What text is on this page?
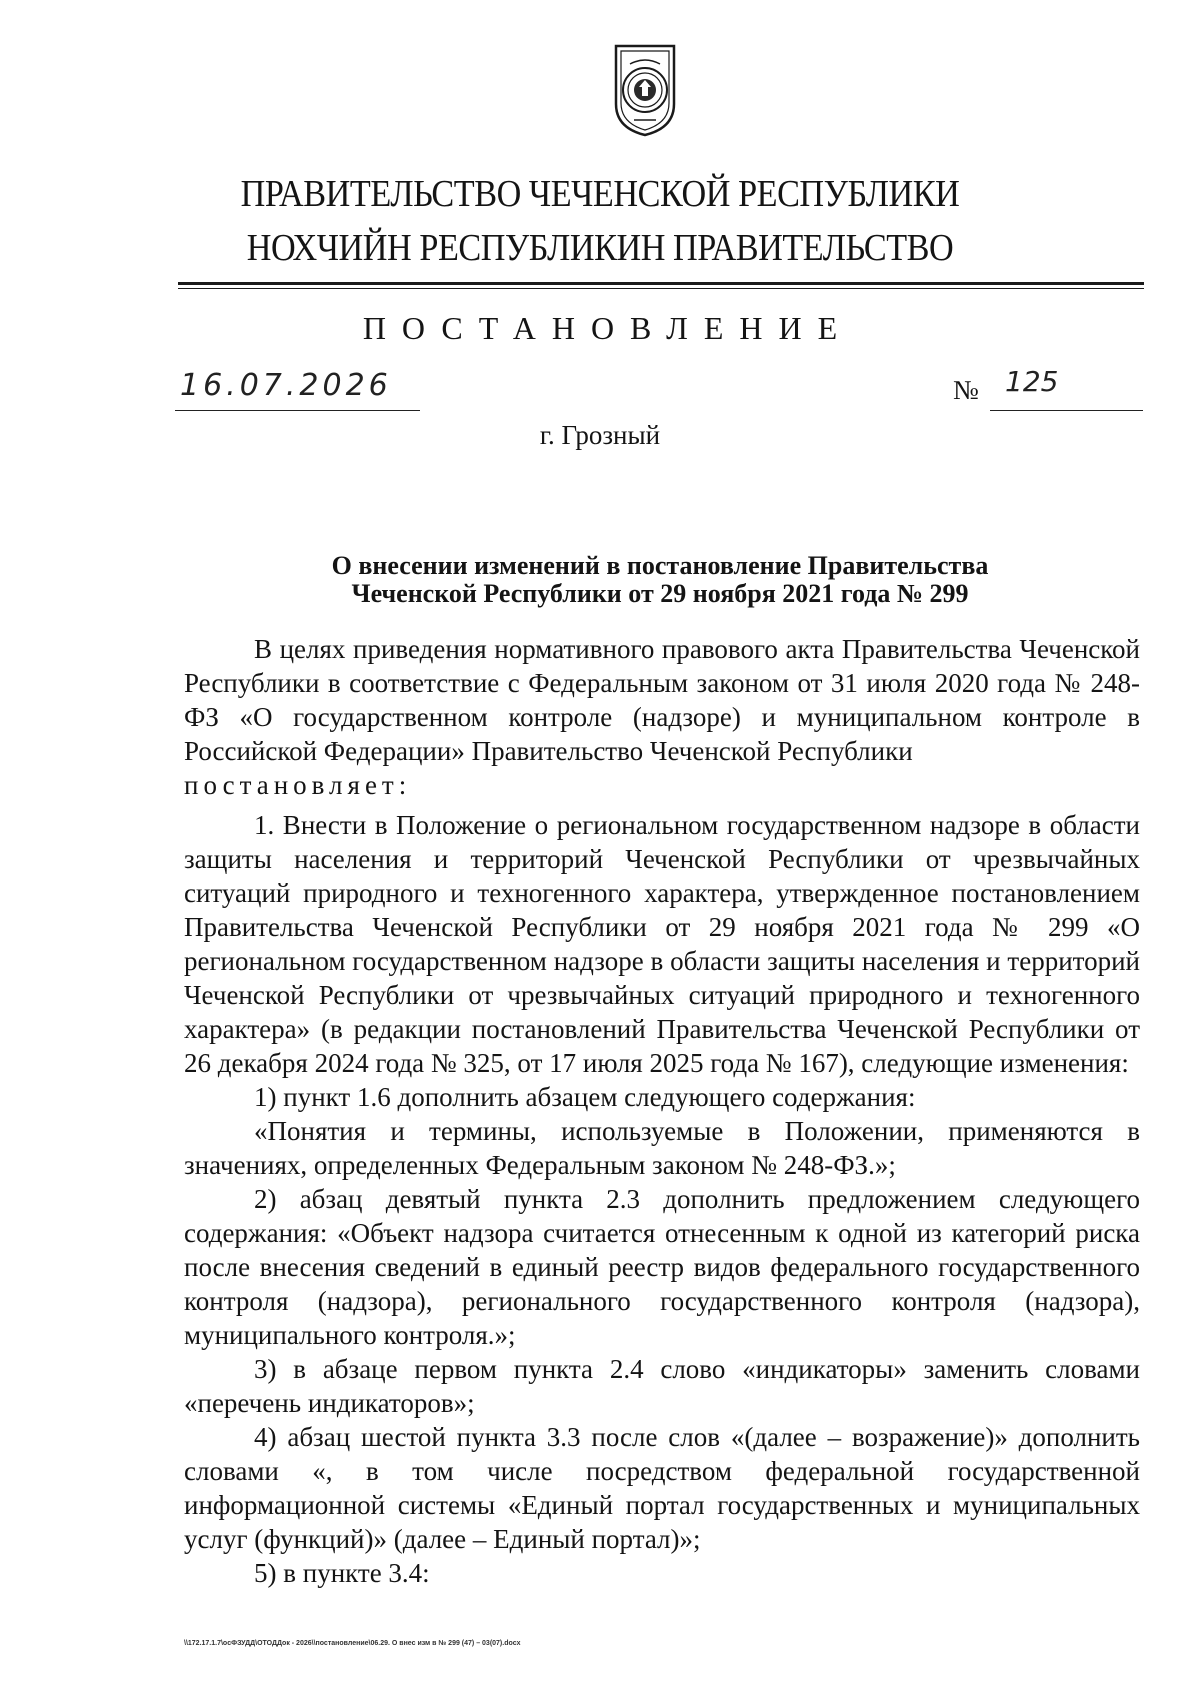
ПРАВИТЕЛЬСТВО ЧЕЧЕНСКОЙ РЕСПУБЛИКИ
НОХЧИЙН РЕСПУБЛИКИН ПРАВИТЕЛЬСТВО
ПОСТАНОВЛЕНИЕ
16.07.2026	№ 125
г. Грозный
О внесении изменений в постановление Правительства
Чеченской Республики от 29 ноября 2021 года № 299

В целях приведения нормативного правового акта Правительства Чеченской Республики в соответствие с Федеральным законом от 31 июля 2020 года № 248-ФЗ «О государственном контроле (надзоре) и муниципальном контроле в Российской Федерации» Правительство Чеченской Республики

постановляет:

1. Внести в Положение о региональном государственном надзоре в области защиты населения и территорий Чеченской Республики от чрезвычайных ситуаций природного и техногенного характера, утвержденное постановлением Правительства Чеченской Республики от 29 ноября 2021 года № 299 «О региональном государственном надзоре в области защиты населения и территорий Чеченской Республики от чрезвычайных ситуаций природного и техногенного характера» (в редакции постановлений Правительства Чеченской Республики от 26 декабря 2024 года № 325, от 17 июля 2025 года № 167), следующие изменения:

1) пункт 1.6 дополнить абзацем следующего содержания:

«Понятия и термины, используемые в Положении, применяются в значениях, определенных Федеральным законом № 248-ФЗ.»;

2) абзац девятый пункта 2.3 дополнить предложением следующего содержания: «Объект надзора считается отнесенным к одной из категорий риска после внесения сведений в единый реестр видов федерального государственного контроля (надзора), регионального государственного контроля (надзора), муниципального контроля.»;

3) в абзаце первом пункта 2.4 слово «индикаторы» заменить словами «перечень индикаторов»;

4) абзац шестой пункта 3.3 после слов «(далее – возражение)» дополнить словами «, в том числе посредством федеральной государственной информационной системы «Единый портал государственных и муниципальных услуг (функций)» (далее – Единый портал)»;

5) в пункте 3.4:

\\172.17.1.7\ocФЗУДД\ОТОДДок - 2026\\постановление\06.29. О внес изм в № 299 (47) – 03(07).docx
